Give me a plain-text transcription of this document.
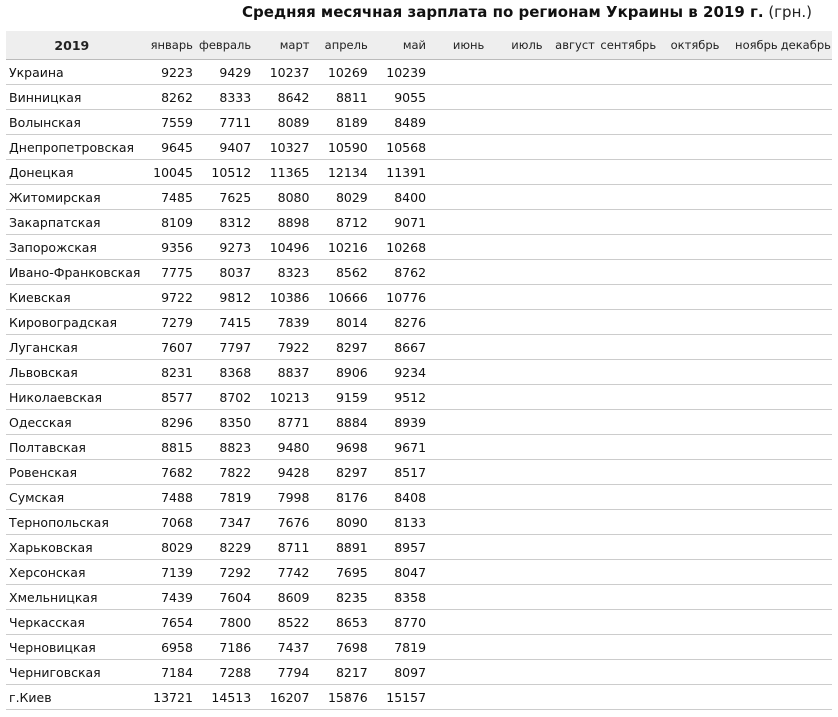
Средняя месячная зарплата по регионам Украины в 2019 г. (грн.)
2019	январь	февраль	март	апрель	май	июнь	июль	август	сентябрь	октябрь	ноябрь	декабрь
Украина	9223	9429	10237	10269	10239							
Винницкая	8262	8333	8642	8811	9055							
Волынская	7559	7711	8089	8189	8489							
Днепропетровская	9645	9407	10327	10590	10568							
Донецкая	10045	10512	11365	12134	11391							
Житомирская	7485	7625	8080	8029	8400							
Закарпатская	8109	8312	8898	8712	9071							
Запорожская	9356	9273	10496	10216	10268							
Ивано-Франковская	7775	8037	8323	8562	8762							
Киевская	9722	9812	10386	10666	10776							
Кировоградская	7279	7415	7839	8014	8276							
Луганская	7607	7797	7922	8297	8667							
Львовская	8231	8368	8837	8906	9234							
Николаевская	8577	8702	10213	9159	9512							
Одесская	8296	8350	8771	8884	8939							
Полтавская	8815	8823	9480	9698	9671							
Ровенская	7682	7822	9428	8297	8517							
Сумская	7488	7819	7998	8176	8408							
Тернопольская	7068	7347	7676	8090	8133							
Харьковская	8029	8229	8711	8891	8957							
Херсонская	7139	7292	7742	7695	8047							
Хмельницкая	7439	7604	8609	8235	8358							
Черкасская	7654	7800	8522	8653	8770							
Черновицкая	6958	7186	7437	7698	7819							
Черниговская	7184	7288	7794	8217	8097							
г.Киев	13721	14513	16207	15876	15157							
